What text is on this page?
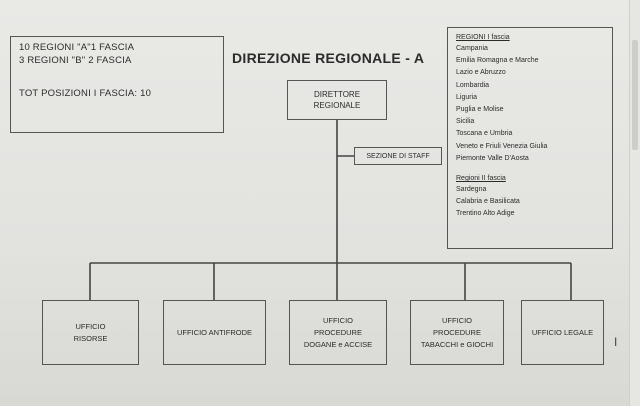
10 REGIONI "A"1 FASCIA
3 REGIONI "B" 2 FASCIA
TOT POSIZIONI I FASCIA: 10
DIREZIONE REGIONALE - A
DIRETTORE
REGIONALE
SEZIONE DI STAFF
REGIONI I fascia
Campania
Emilia Romagna e Marche
Lazio e Abruzzo
Lombardia
Liguria
Puglia e Molise
Sicilia
Toscana e Umbria
Veneto e Friuli Venezia Giulia
Piemonte Valle D'Aosta
Regioni II fascia
Sardegna
Calabria e Basilicata
Trentino Alto Adige
UFFICIO
RISORSE
UFFICIO ANTIFRODE
UFFICIO
PROCEDURE
DOGANE e ACCISE
UFFICIO
PROCEDURE
TABACCHI e GIOCHI
UFFICIO LEGALE
I
